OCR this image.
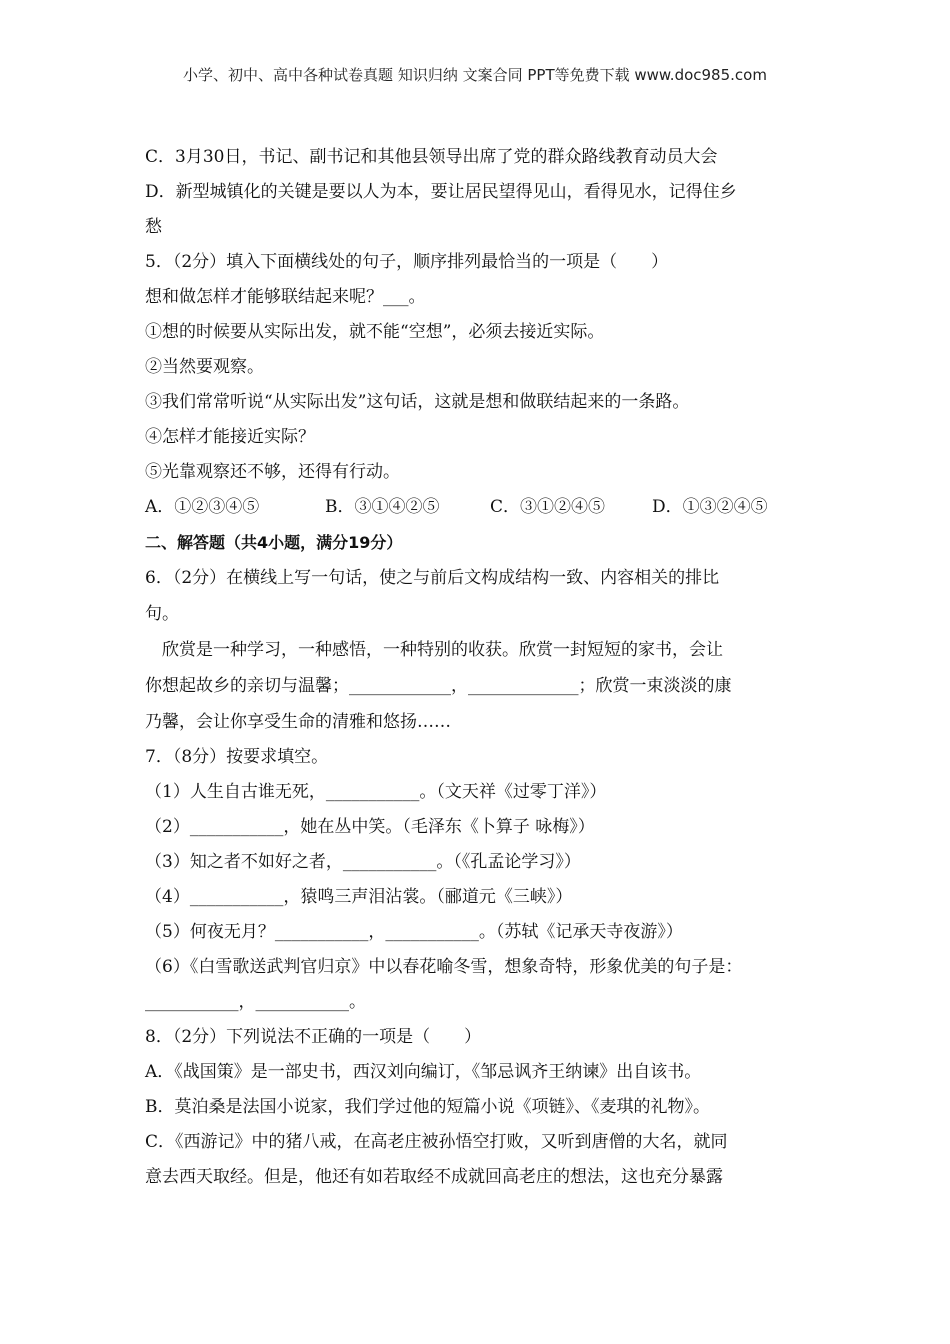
小学、初中、高中各种试卷真题 知识归纳 文案合同 PPT等免费下载 www.doc985.com
C．3月30日，书记、副书记和其他县领导出席了党的群众路线教育动员大会
D．新型城镇化的关键是要以人为本，要让居民望得见山，看得见水，记得住乡
愁
5．（2分）填入下面横线处的句子，顺序排列最恰当的一项是（　　）
想和做怎样才能够联结起来呢？___。
①想的时候要从实际出发，就不能“空想”，必须去接近实际。
②当然要观察。
③我们常常听说“从实际出发”这句话，这就是想和做联结起来的一条路。
④怎样才能接近实际？
⑤光靠观察还不够，还得有行动。
A．①②③④⑤	B．③①④②⑤	C．③①②④⑤	D．①③②④⑤
二、解答题（共4小题，满分19分）
6．（2分）在横线上写一句话，使之与前后文构成结构一致、内容相关的排比
句。
欣赏是一种学习，一种感悟，一种特别的收获。欣赏一封短短的家书，会让
你想起故乡的亲切与温馨；____________，_____________；欣赏一束淡淡的康
乃馨，会让你享受生命的清雅和悠扬……
7．（8分）按要求填空。
（1）人生自古谁无死，___________。（文天祥《过零丁洋》）
（2）___________，她在丛中笑。（毛泽东《卜算子 咏梅》）
（3）知之者不如好之者，___________。（《孔孟论学习》）
（4）___________，猿鸣三声泪沾裳。（郦道元《三峡》）
（5）何夜无月？___________，___________。（苏轼《记承天寺夜游》）
（6）《白雪歌送武判官归京》中以春花喻冬雪，想象奇特，形象优美的句子是：
___________，___________。
8．（2分）下列说法不正确的一项是（　　）
A．《战国策》是一部史书，西汉刘向编订，《邹忌讽齐王纳谏》出自该书。
B．莫泊桑是法国小说家，我们学过他的短篇小说《项链》、《麦琪的礼物》。
C．《西游记》中的猪八戒，在高老庄被孙悟空打败，又听到唐僧的大名，就同
意去西天取经。但是，他还有如若取经不成就回高老庄的想法，这也充分暴露
